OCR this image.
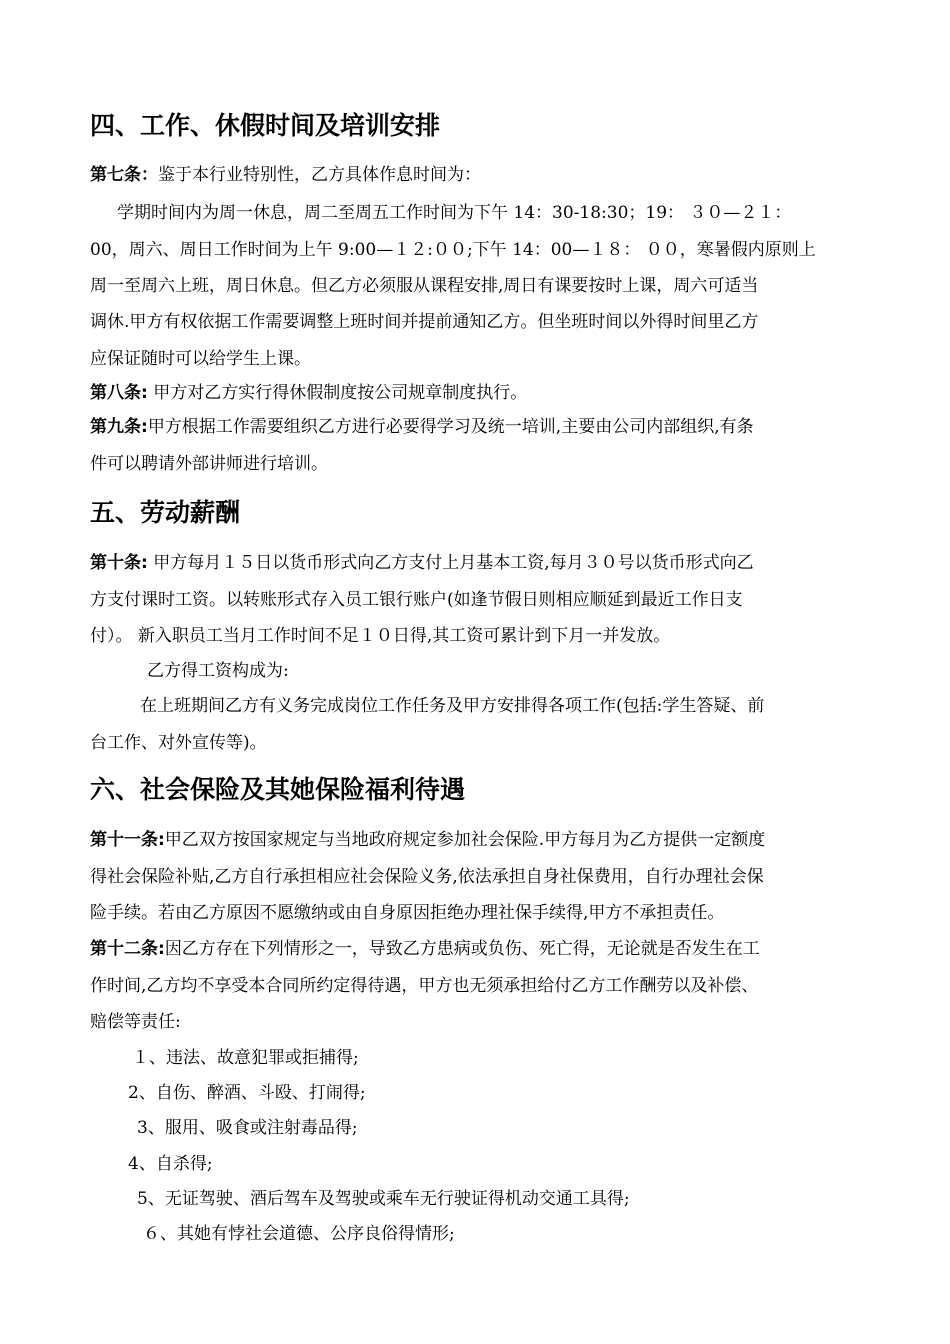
四、工作、休假时间及培训安排

第七条：鉴于本行业特别性，乙方具体作息时间为：

学期时间内为周一休息，周二至周五工作时间为下午 14：30-18:30；19： ３０—２１：

00，周六、周日工作时间为上午 9:00—１２:００;下午 14：00—１８： ００，寒暑假内原则上

周一至周六上班，周日休息。但乙方必须服从课程安排,周日有课要按时上课，周六可适当

调休.甲方有权依据工作需要调整上班时间并提前通知乙方。但坐班时间以外得时间里乙方

应保证随时可以给学生上课。

第八条: 甲方对乙方实行得休假制度按公司规章制度执行。

第九条:甲方根据工作需要组织乙方进行必要得学习及统一培训,主要由公司内部组织,有条

件可以聘请外部讲师进行培训。

五、劳动薪酬

第十条: 甲方每月１５日以货币形式向乙方支付上月基本工资,每月３０号以货币形式向乙

方支付课时工资。以转账形式存入员工银行账户(如逢节假日则相应顺延到最近工作日支

付）。 新入职员工当月工作时间不足１０日得,其工资可累计到下月一并发放。

乙方得工资构成为:

在上班期间乙方有义务完成岗位工作任务及甲方安排得各项工作(包括:学生答疑、前

台工作、对外宣传等)。

六、社会保险及其她保险福利待遇

第十一条:甲乙双方按国家规定与当地政府规定参加社会保险.甲方每月为乙方提供一定额度

得社会保险补贴,乙方自行承担相应社会保险义务,依法承担自身社保费用，自行办理社会保

险手续。若由乙方原因不愿缴纳或由自身原因拒绝办理社保手续得,甲方不承担责任。

第十二条:因乙方存在下列情形之一，导致乙方患病或负伤、死亡得，无论就是否发生在工

作时间,乙方均不享受本合同所约定得待遇，甲方也无须承担给付乙方工作酬劳以及补偿、

赔偿等责任:

１、违法、故意犯罪或拒捕得;

2、自伤、醉酒、斗殴、打闹得;

3、服用、吸食或注射毒品得;

4、自杀得;

5、无证驾驶、酒后驾车及驾驶或乘车无行驶证得机动交通工具得;

６、其她有悖社会道德、公序良俗得情形;
